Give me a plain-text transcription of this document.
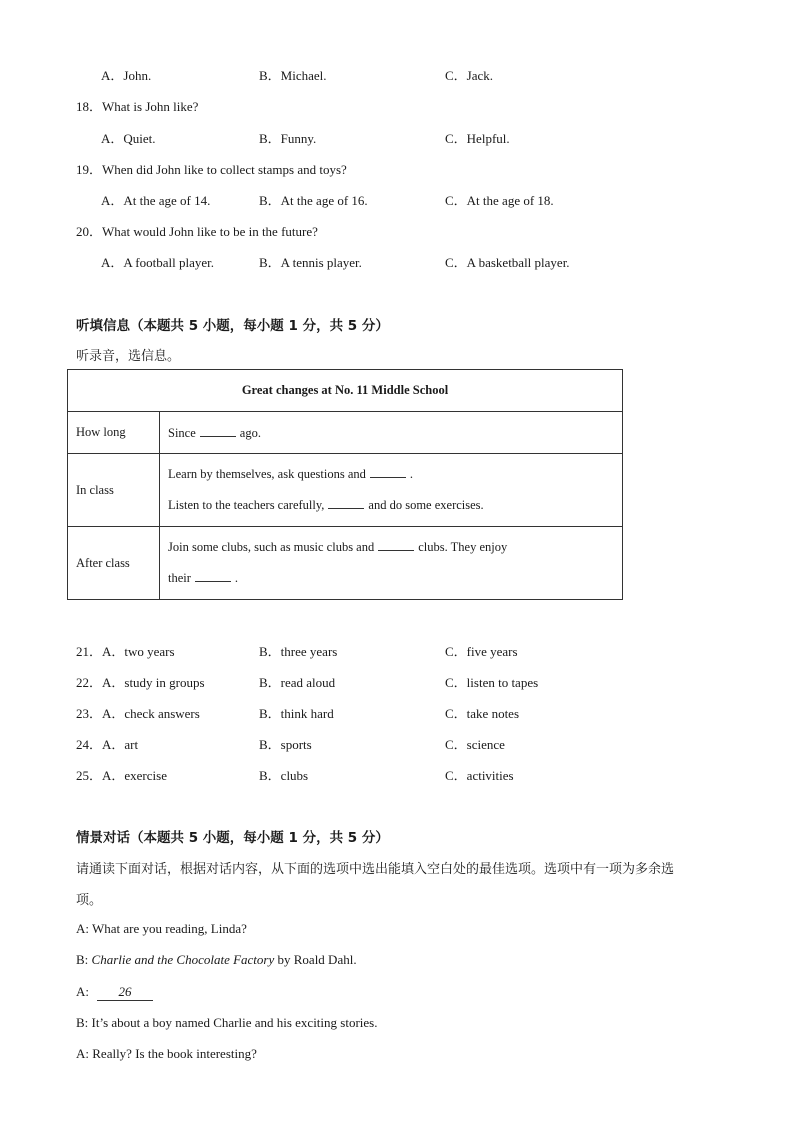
A．John.	B．Michael.	C．Jack.
18．What is John like?
A．Quiet.	B．Funny.	C．Helpful.
19．When did John like to collect stamps and toys?
A．At the age of 14.	B．At the age of 16.	C．At the age of 18.
20．What would John like to be in the future?
A．A football player.	B．A tennis player.	C．A basketball player.
听填信息（本题共 5 小题，每小题 1 分，共 5 分）
听录音，选信息。
Great changes at No. 11 Middle School	
How long	Since ago.
In class	Learn by themselves, ask questions and .
Listen to the teachers carefully, and do some exercises.

After class	Join some clubs, such as music clubs and clubs. They enjoy
their .
21．A．two years	B．three years	C．five years
22．A．study in groups	B．read aloud	C．listen to tapes
23．A．check answers	B．think hard	C．take notes
24．A．art	B．sports	C．science
25．A．exercise	B．clubs	C．activities
情景对话（本题共 5 小题，每小题 1 分，共 5 分）
请通读下面对话，根据对话内容，从下面的选项中选出能填入空白处的最佳选项。选项中有一项为多余选
项。
A: What are you reading, Linda?
B: Charlie and the Chocolate Factory by Roald Dahl.
A: 26
B: It’s about a boy named Charlie and his exciting stories.
A: Really? Is the book interesting?
